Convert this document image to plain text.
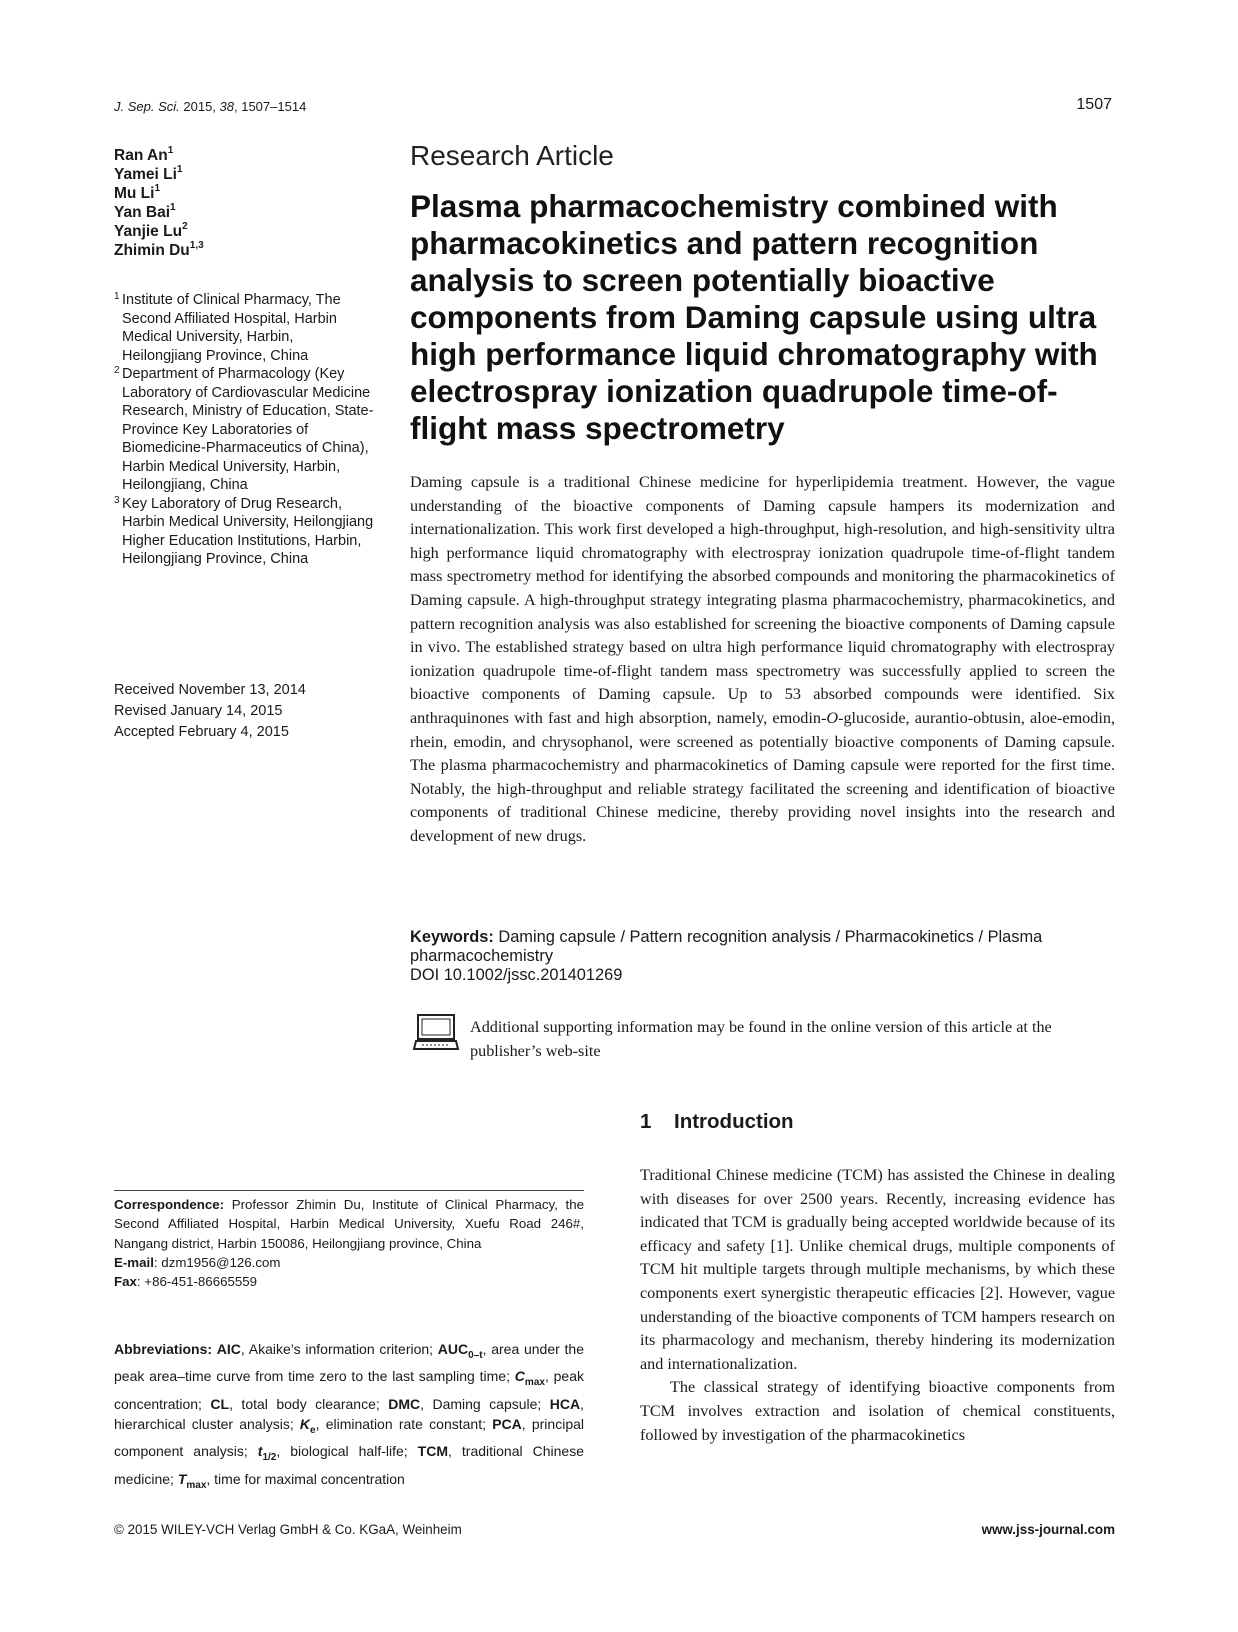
J. Sep. Sci. 2015, 38, 1507–1514	1507
Ran An$^1$
Yamei Li$^1$
Mu Li$^1$
Yan Bai$^1$
Yanjie Lu$^2$
Zhimin Du$^{1,3}$
1 Institute of Clinical Pharmacy, The Second Affiliated Hospital, Harbin Medical University, Harbin, Heilongjiang Province, China
2 Department of Pharmacology (Key Laboratory of Cardiovascular Medicine Research, Ministry of Education, State-Province Key Laboratories of Biomedicine-Pharmaceutics of China), Harbin Medical University, Harbin, Heilongjiang, China
3 Key Laboratory of Drug Research, Harbin Medical University, Heilongjiang Higher Education Institutions, Harbin, Heilongjiang Province, China
Received November 13, 2014
Revised January 14, 2015
Accepted February 4, 2015
Research Article
Plasma pharmacochemistry combined with pharmacokinetics and pattern recognition analysis to screen potentially bioactive components from Daming capsule using ultra high performance liquid chromatography with electrospray ionization quadrupole time-of-flight mass spectrometry
Daming capsule is a traditional Chinese medicine for hyperlipidemia treatment. However, the vague understanding of the bioactive components of Daming capsule hampers its modernization and internationalization. This work first developed a high-throughput, high-resolution, and high-sensitivity ultra high performance liquid chromatography with electrospray ionization quadrupole time-of-flight tandem mass spectrometry method for identifying the absorbed compounds and monitoring the pharmacokinetics of Daming capsule. A high-throughput strategy integrating plasma pharmacochemistry, pharmacokinetics, and pattern recognition analysis was also established for screening the bioactive components of Daming capsule in vivo. The established strategy based on ultra high performance liquid chromatography with electrospray ionization quadrupole time-of-flight tandem mass spectrometry was successfully applied to screen the bioactive components of Daming capsule. Up to 53 absorbed compounds were identified. Six anthraquinones with fast and high absorption, namely, emodin-O-glucoside, aurantio-obtusin, aloe-emodin, rhein, emodin, and chrysophanol, were screened as potentially bioactive components of Daming capsule. The plasma pharmacochemistry and pharmacokinetics of Daming capsule were reported for the first time. Notably, the high-throughput and reliable strategy facilitated the screening and identification of bioactive components of traditional Chinese medicine, thereby providing novel insights into the research and development of new drugs.
Keywords: Daming capsule / Pattern recognition analysis / Pharmacokinetics / Plasma pharmacochemistry
DOI 10.1002/jssc.201401269
Additional supporting information may be found in the online version of this article at the publisher’s web-site
1 Introduction

Traditional Chinese medicine (TCM) has assisted the Chinese in dealing with diseases for over 2500 years. Recently, increasing evidence has indicated that TCM is gradually being accepted worldwide because of its efficacy and safety [1]. Unlike chemical drugs, multiple components of TCM hit multiple targets through multiple mechanisms, by which these components exert synergistic therapeutic efficacies [2]. However, vague understanding of the bioactive components of TCM hampers research on its pharmacology and mechanism, thereby hindering its modernization and internationalization.

The classical strategy of identifying bioactive components from TCM involves extraction and isolation of chemical constituents, followed by investigation of the pharmacokinetics

Correspondence: Professor Zhimin Du, Institute of Clinical Pharmacy, the Second Affiliated Hospital, Harbin Medical University, Xuefu Road 246#, Nangang district, Harbin 150086, Heilongjiang province, China
E-mail: dzm1956@126.com
Fax: +86-451-86665559
Abbreviations: AIC, Akaike’s information criterion; $AUC_{0-t}$, area under the peak area–time curve from time zero to the last sampling time; $C_{max}$, peak concentration; CL, total body clearance; DMC, Daming capsule; HCA, hierarchical cluster analysis; $K_e$, elimination rate constant; PCA, principal component analysis; $t_{1/2}$, biological half-life; TCM, traditional Chinese medicine; $T_{max}$, time for maximal concentration
© 2015 WILEY-VCH Verlag GmbH & Co. KGaA, Weinheim	www.jss-journal.com
